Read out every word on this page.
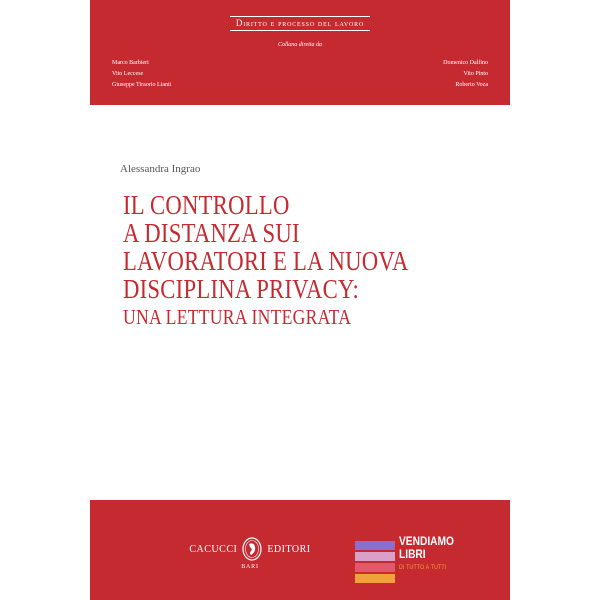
Diritto e processo del lavoro
Collana diretta da
Marco Barbieri
Vito Leccese
Giuseppe Tiraorio Lianti
Domenico Dalfino
Vito Pinto
Roberto Voza
Alessandra Ingrao
IL CONTROLLO
A DISTANZA SUI
LAVORATORI E LA NUOVA
DISCIPLINA PRIVACY:
UNA LETTURA INTEGRATA
CACUCCI	EDITORI
BARI
VENDIAMO
LIBRI
DI TUTTO A TUTTI
